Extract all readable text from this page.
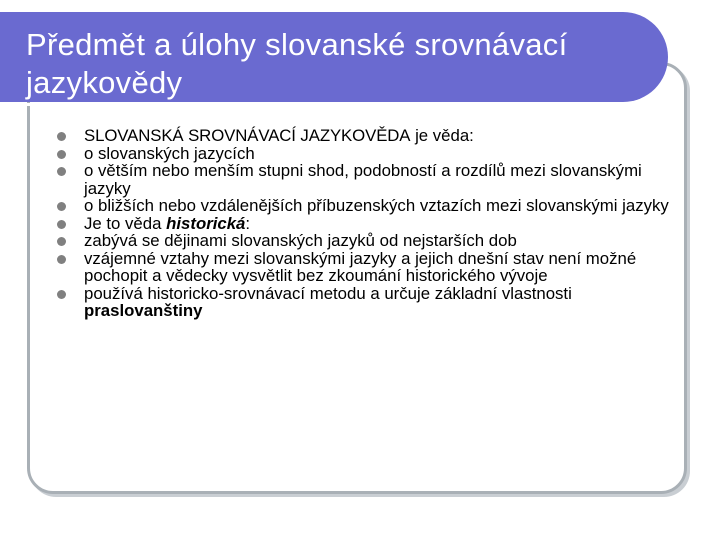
Předmět a úlohy slovanské srovnávací jazykovědy
SLOVANSKÁ SROVNÁVACÍ JAZYKOVĚDA je věda:
o slovanských jazycích
o větším nebo menším stupni shod, podobností a rozdílů mezi slovanskými jazyky
o bližších nebo vzdálenějších příbuzenských vztazích mezi slovanskými jazyky
Je to věda historická:
zabývá se dějinami slovanských jazyků od nejstarších dob
vzájemné vztahy mezi slovanskými jazyky a jejich dnešní stav není možné pochopit a vědecky vysvětlit bez zkoumání historického vývoje
používá historicko-srovnávací metodu a určuje základní vlastnosti praslovanštiny
